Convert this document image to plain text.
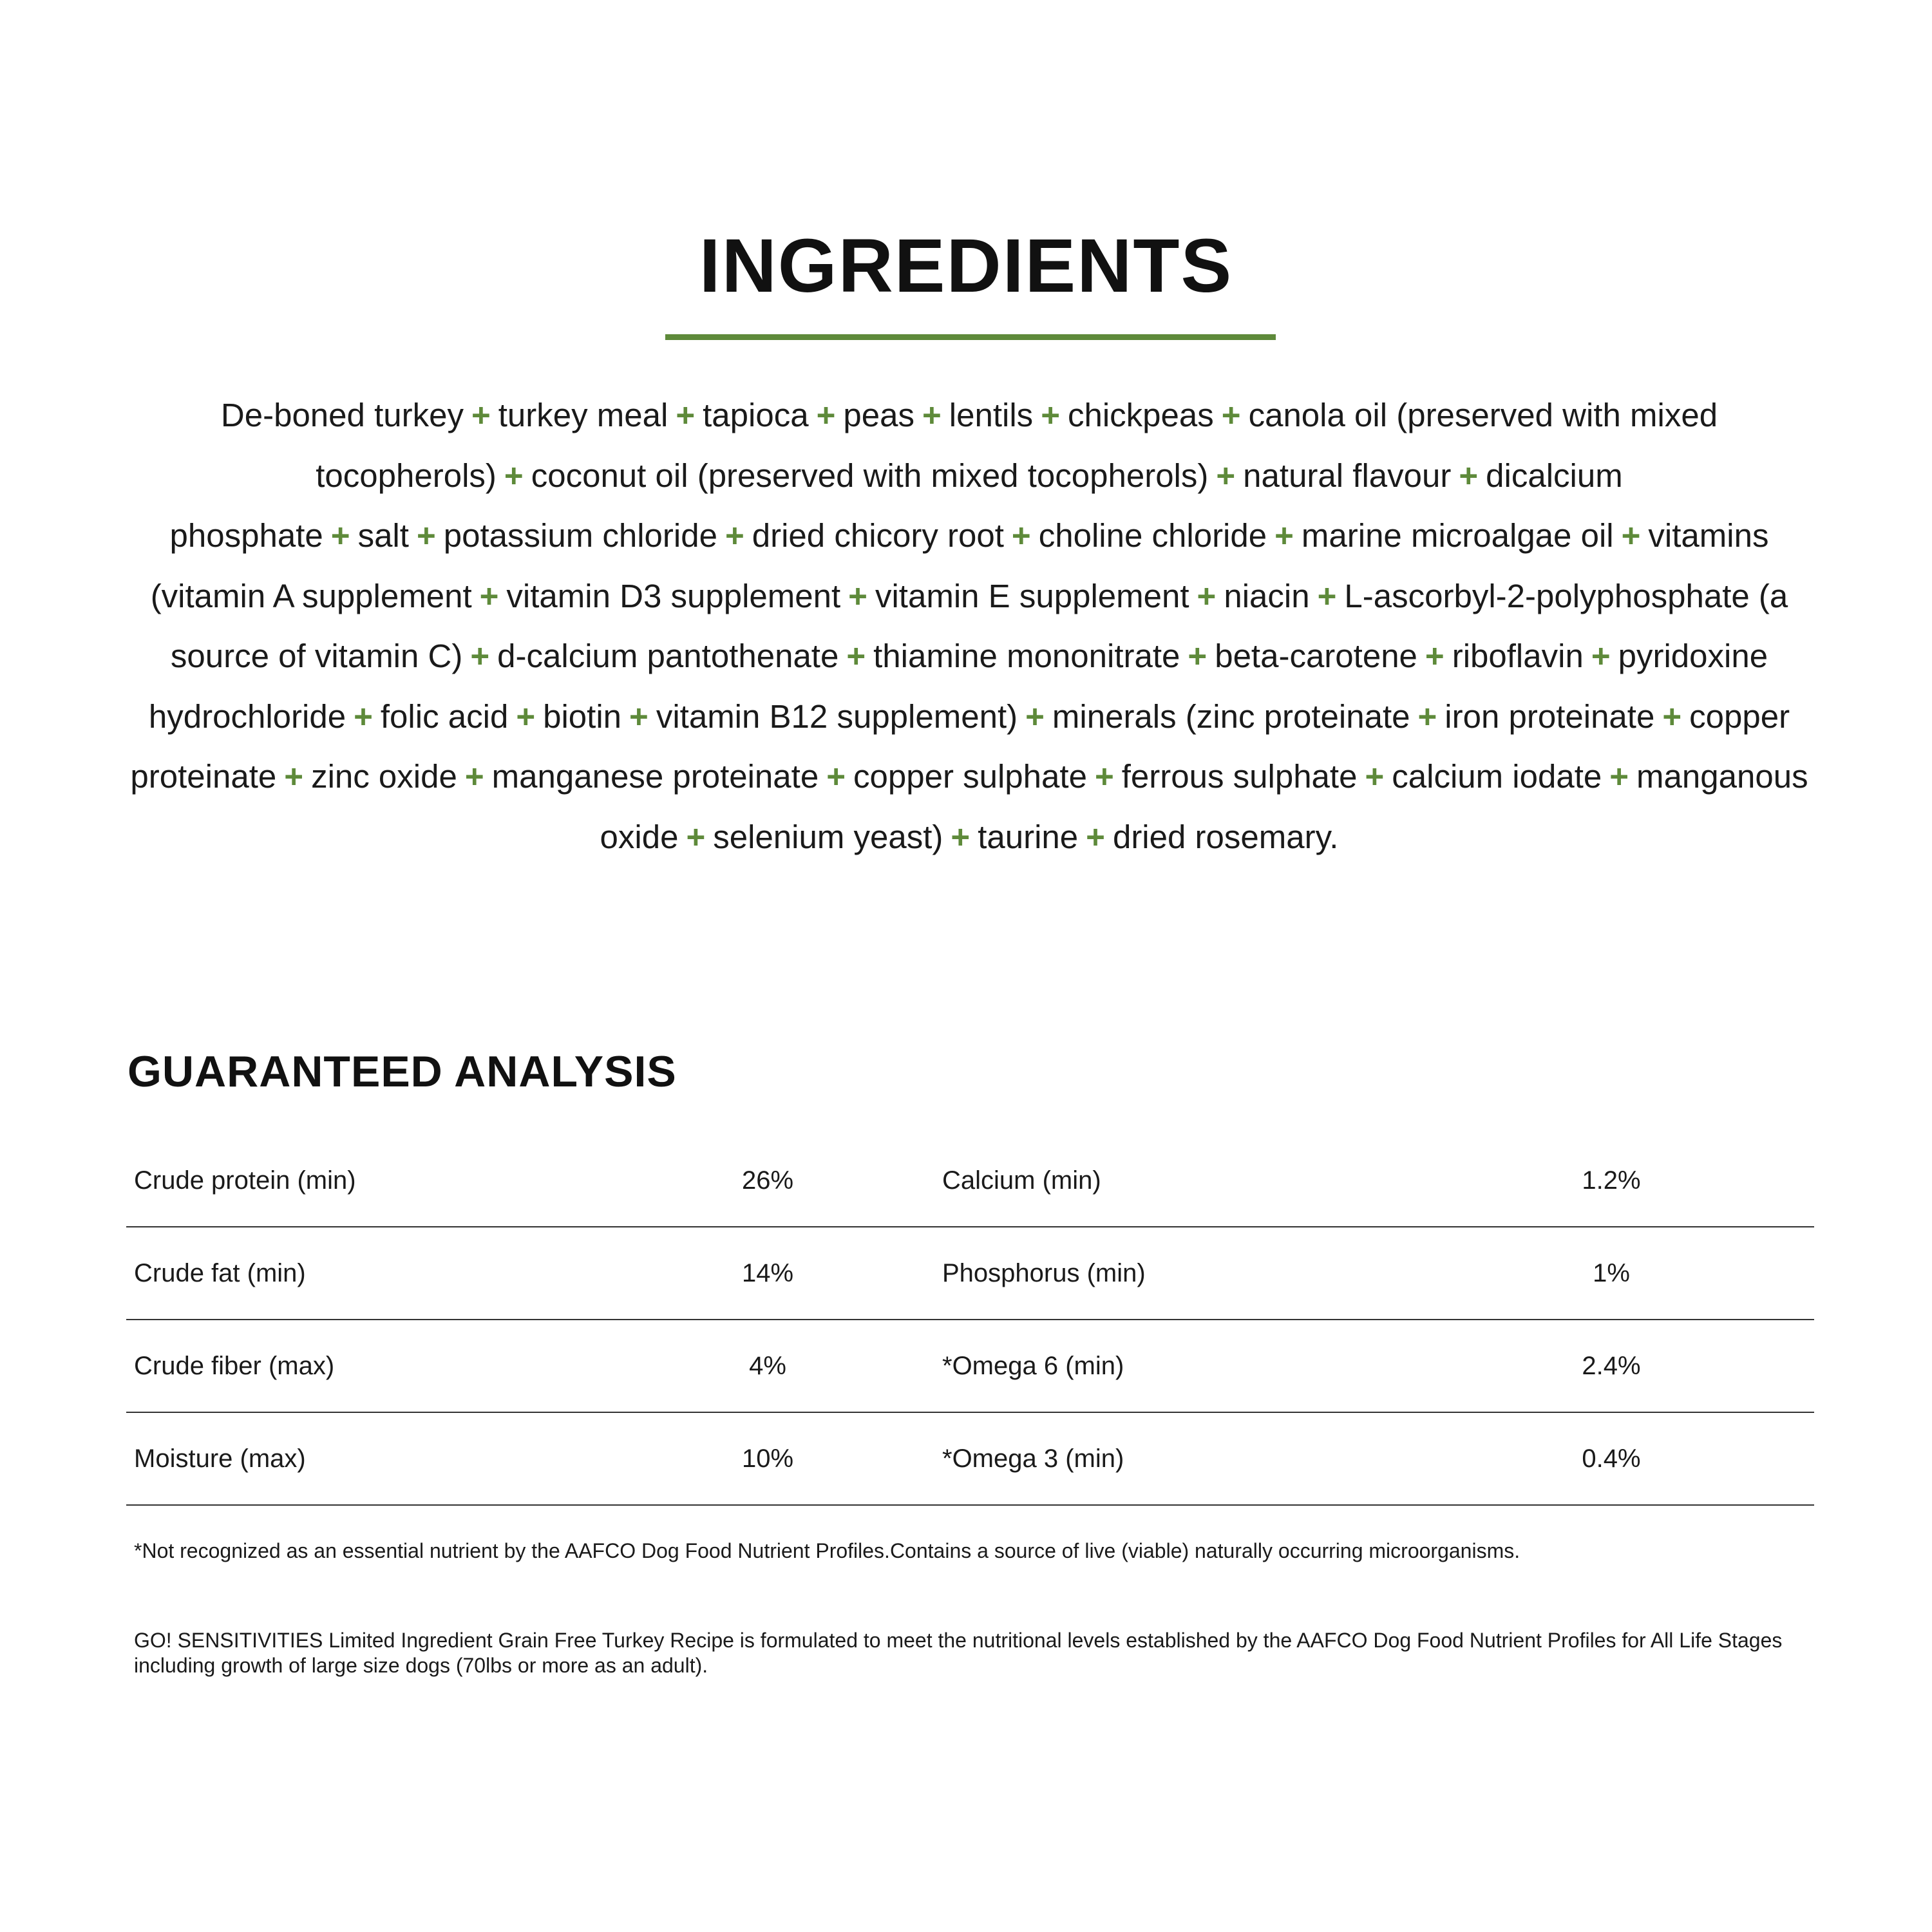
INGREDIENTS

De-boned turkey + turkey meal + tapioca + peas + lentils + chickpeas + canola oil (preserved with mixed tocopherols) + coconut oil (preserved with mixed tocopherols) + natural flavour + dicalcium phosphate + salt + potassium chloride + dried chicory root + choline chloride + marine microalgae oil + vitamins (vitamin A supplement + vitamin D3 supplement + vitamin E supplement + niacin + L-ascorbyl-2-polyphosphate (a source of vitamin C) + d-calcium pantothenate + thiamine mononitrate + beta-carotene + riboflavin + pyridoxine hydrochloride + folic acid + biotin + vitamin B12 supplement) + minerals (zinc proteinate + iron proteinate + copper proteinate + zinc oxide + manganese proteinate + copper sulphate + ferrous sulphate + calcium iodate + manganous oxide + selenium yeast) + taurine + dried rosemary.

GUARANTEED ANALYSIS
Crude protein (min)	26%	Calcium (min)	1.2%
Crude fat (min)	14%	Phosphorus (min)	1%
Crude fiber (max)	4%	*Omega 6 (min)	2.4%
Moisture (max)	10%	*Omega 3 (min)	0.4%

*Not recognized as an essential nutrient by the AAFCO Dog Food Nutrient Profiles.Contains a source of live (viable) naturally occurring microorganisms.

GO! SENSITIVITIES Limited Ingredient Grain Free Turkey Recipe is formulated to meet the nutritional levels established by the AAFCO Dog Food Nutrient Profiles for All Life Stages including growth of large size dogs (70lbs or more as an adult).
